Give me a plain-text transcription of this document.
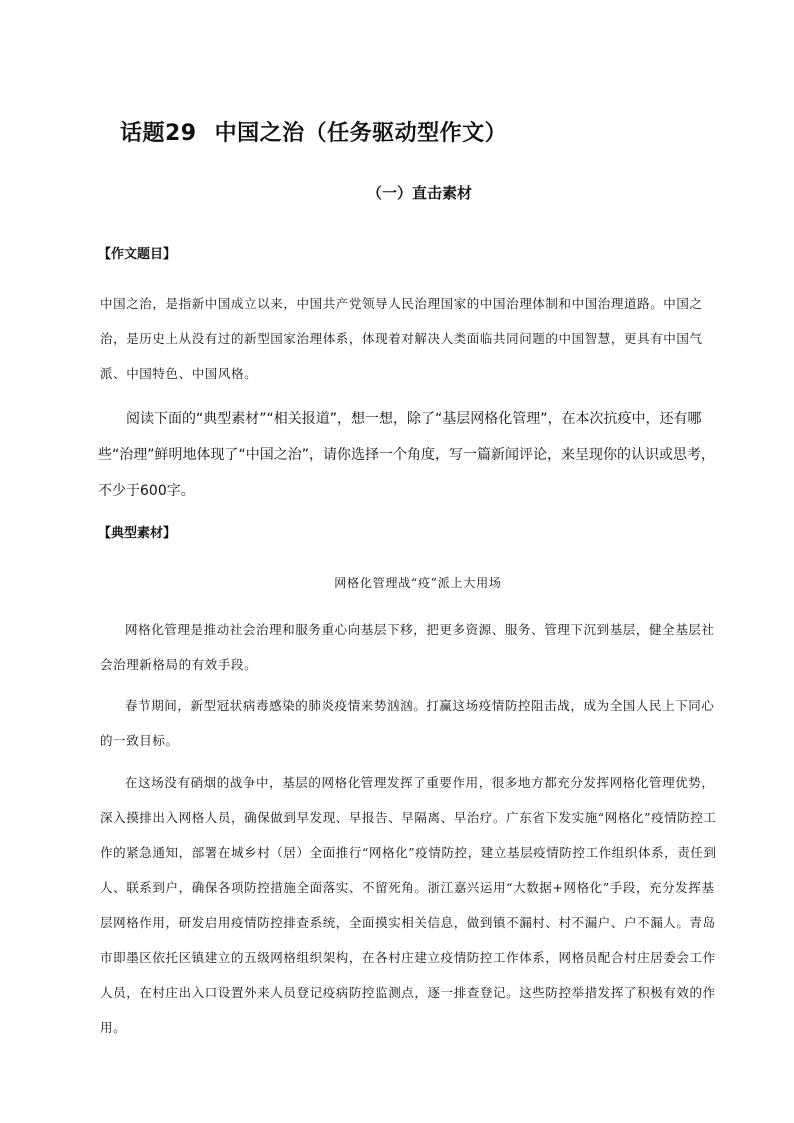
话题29 中国之治（任务驱动型作文）
（一）直击素材
【作文题目】

中国之治，是指新中国成立以来，中国共产党领导人民治理国家的中国治理体制和中国治理道路。中国之治，是历史上从没有过的新型国家治理体系，体现着对解决人类面临共同问题的中国智慧，更具有中国气派、中国特色、中国风格。

阅读下面的“典型素材”“相关报道”，想一想，除了“基层网格化管理”，在本次抗疫中，还有哪些“治理”鲜明地体现了“中国之治”，请你选择一个角度，写一篇新闻评论，来呈现你的认识或思考，不少于600字。

【典型素材】

网格化管理战“疫”派上大用场

网格化管理是推动社会治理和服务重心向基层下移，把更多资源、服务、管理下沉到基层，健全基层社会治理新格局的有效手段。

春节期间，新型冠状病毒感染的肺炎疫情来势汹汹。打赢这场疫情防控阻击战，成为全国人民上下同心的一致目标。

在这场没有硝烟的战争中，基层的网格化管理发挥了重要作用，很多地方都充分发挥网格化管理优势，深入摸排出入网格人员，确保做到早发现、早报告、早隔离、早治疗。广东省下发实施“网格化”疫情防控工作的紧急通知，部署在城乡村（居）全面推行“网格化”疫情防控，建立基层疫情防控工作组织体系，责任到人、联系到户，确保各项防控措施全面落实、不留死角。浙江嘉兴运用“大数据+网格化”手段，充分发挥基层网格作用，研发启用疫情防控排查系统，全面摸实相关信息，做到镇不漏村、村不漏户、户不漏人。青岛市即墨区依托区镇建立的五级网格组织架构，在各村庄建立疫情防控工作体系，网格员配合村庄居委会工作人员，在村庄出入口设置外来人员登记疫病防控监测点，逐一排查登记。这些防控举措发挥了积极有效的作用。
